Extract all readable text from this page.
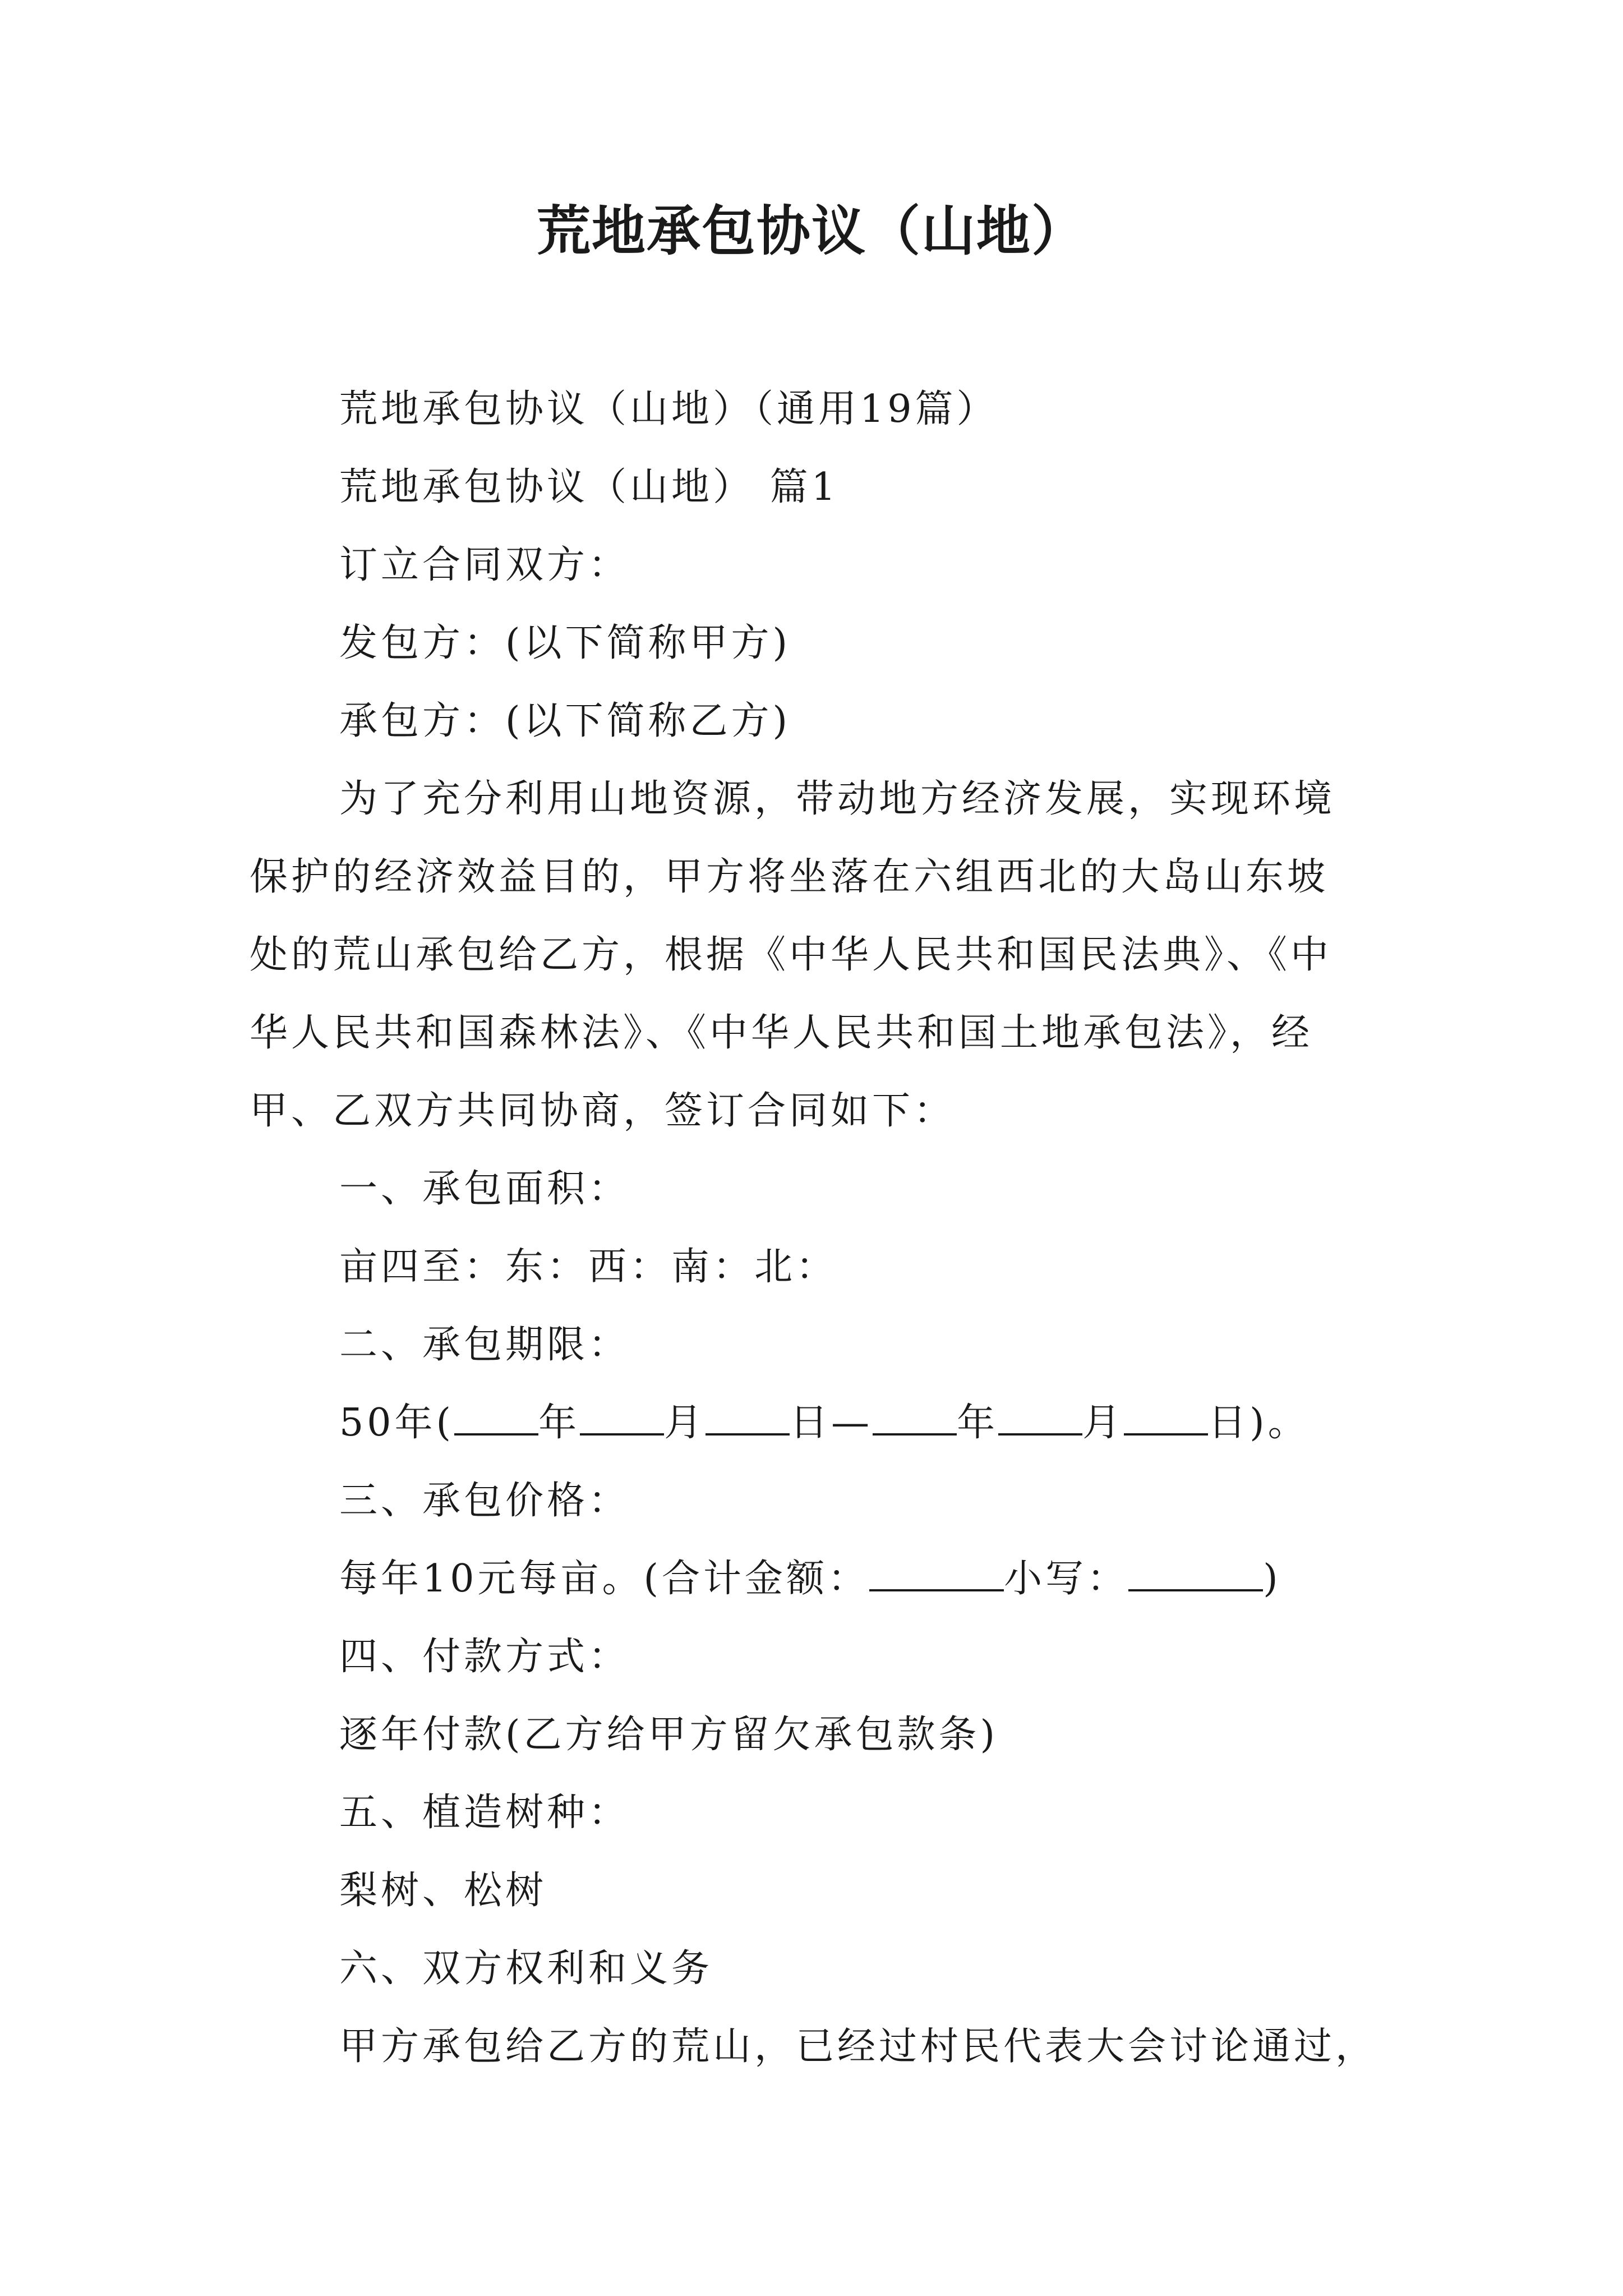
荒地承包协议（山地）
荒地承包协议（山地）（通用19篇）
荒地承包协议（山地） 篇1
订立合同双方：
发包方：(以下简称甲方)
承包方：(以下简称乙方)
为了充分利用山地资源，带动地方经济发展，实现环境
保护的经济效益目的，甲方将坐落在六组西北的大岛山东坡
处的荒山承包给乙方，根据《中华人民共和国民法典》、《中
华人民共和国森林法》、《中华人民共和国土地承包法》，经
甲、乙双方共同协商，签订合同如下：
一、承包面积：
亩四至：东：西：南：北：
二、承包期限：
50年( 年 月 日— 年 月 日)。
三、承包价格：
每年10元每亩。(合计金额：	小写：	)
四、付款方式：
逐年付款(乙方给甲方留欠承包款条)
五、植造树种：
梨树、松树
六、双方权利和义务
甲方承包给乙方的荒山，已经过村民代表大会讨论通过，
